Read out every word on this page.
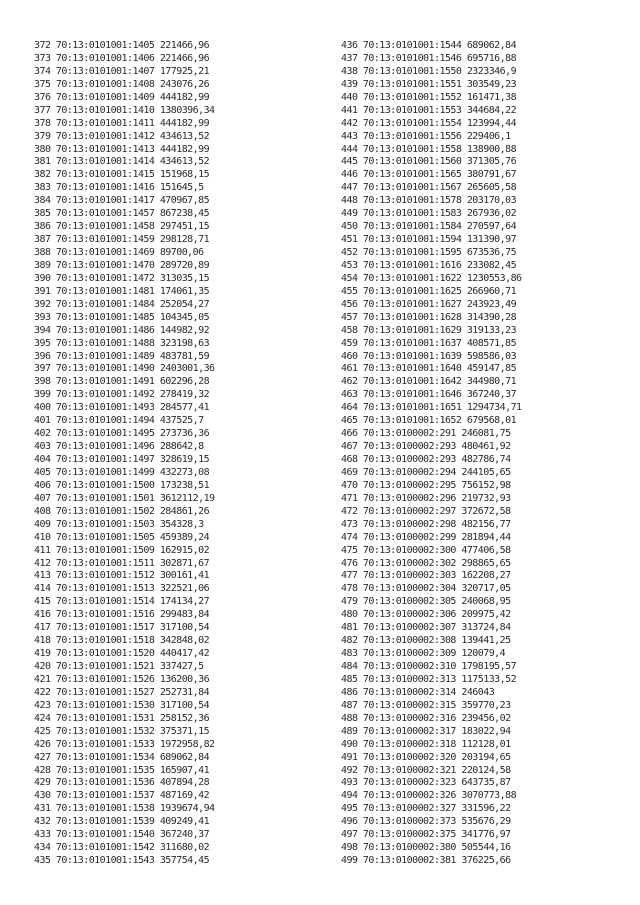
372 70:13:0101001:1405 221466,96
373 70:13:0101001:1406 221466,96
374 70:13:0101001:1407 177925,21
375 70:13:0101001:1408 243076,26
376 70:13:0101001:1409 444182,99
377 70:13:0101001:1410 1380396,34
378 70:13:0101001:1411 444182,99
379 70:13:0101001:1412 434613,52
380 70:13:0101001:1413 444182,99
381 70:13:0101001:1414 434613,52
382 70:13:0101001:1415 151968,15
383 70:13:0101001:1416 151645,5
384 70:13:0101001:1417 470967,85
385 70:13:0101001:1457 867238,45
386 70:13:0101001:1458 297451,15
387 70:13:0101001:1459 298128,71
388 70:13:0101001:1469 89700,06
389 70:13:0101001:1470 289720,89
390 70:13:0101001:1472 313035,15
391 70:13:0101001:1481 174061,35
392 70:13:0101001:1484 252054,27
393 70:13:0101001:1485 104345,05
394 70:13:0101001:1486 144982,92
395 70:13:0101001:1488 323198,63
396 70:13:0101001:1489 483781,59
397 70:13:0101001:1490 2403001,36
398 70:13:0101001:1491 602296,28
399 70:13:0101001:1492 278419,32
400 70:13:0101001:1493 284577,41
401 70:13:0101001:1494 437525,7
402 70:13:0101001:1495 273736,36
403 70:13:0101001:1496 288642,8
404 70:13:0101001:1497 328619,15
405 70:13:0101001:1499 432273,08
406 70:13:0101001:1500 173238,51
407 70:13:0101001:1501 3612112,19
408 70:13:0101001:1502 284861,26
409 70:13:0101001:1503 354328,3
410 70:13:0101001:1505 459389,24
411 70:13:0101001:1509 162915,02
412 70:13:0101001:1511 302871,67
413 70:13:0101001:1512 300161,41
414 70:13:0101001:1513 322521,06
415 70:13:0101001:1514 174134,27
416 70:13:0101001:1516 299483,84
417 70:13:0101001:1517 317100,54
418 70:13:0101001:1518 342848,02
419 70:13:0101001:1520 440417,42
420 70:13:0101001:1521 337427,5
421 70:13:0101001:1526 136200,36
422 70:13:0101001:1527 252731,84
423 70:13:0101001:1530 317100,54
424 70:13:0101001:1531 258152,36
425 70:13:0101001:1532 375371,15
426 70:13:0101001:1533 1972958,82
427 70:13:0101001:1534 689062,84
428 70:13:0101001:1535 165907,41
429 70:13:0101001:1536 407894,28
430 70:13:0101001:1537 487169,42
431 70:13:0101001:1538 1939674,94
432 70:13:0101001:1539 409249,41
433 70:13:0101001:1540 367240,37
434 70:13:0101001:1542 311680,02
435 70:13:0101001:1543 357754,45
436 70:13:0101001:1544 689062,84
437 70:13:0101001:1546 695716,88
438 70:13:0101001:1550 2323346,9
439 70:13:0101001:1551 303549,23
440 70:13:0101001:1552 161471,38
441 70:13:0101001:1553 344684,22
442 70:13:0101001:1554 123994,44
443 70:13:0101001:1556 229406,1
444 70:13:0101001:1558 138900,88
445 70:13:0101001:1560 371305,76
446 70:13:0101001:1565 380791,67
447 70:13:0101001:1567 265605,58
448 70:13:0101001:1578 203170,03
449 70:13:0101001:1583 267936,02
450 70:13:0101001:1584 270597,64
451 70:13:0101001:1594 131390,97
452 70:13:0101001:1595 673536,75
453 70:13:0101001:1616 233082,45
454 70:13:0101001:1622 1230553,86
455 70:13:0101001:1625 266960,71
456 70:13:0101001:1627 243923,49
457 70:13:0101001:1628 314390,28
458 70:13:0101001:1629 319133,23
459 70:13:0101001:1637 408571,85
460 70:13:0101001:1639 598586,03
461 70:13:0101001:1640 459147,85
462 70:13:0101001:1642 344980,71
463 70:13:0101001:1646 367240,37
464 70:13:0101001:1651 1294734,71
465 70:13:0101001:1652 679568,01
466 70:13:0100002:291 246081,75
467 70:13:0100002:293 480461,92
468 70:13:0100002:293 482786,74
469 70:13:0100002:294 244105,65
470 70:13:0100002:295 756152,98
471 70:13:0100002:296 219732,93
472 70:13:0100002:297 372672,58
473 70:13:0100002:298 482156,77
474 70:13:0100002:299 281894,44
475 70:13:0100002:300 477406,58
476 70:13:0100002:302 298865,65
477 70:13:0100002:303 162208,27
478 70:13:0100002:304 320717,05
479 70:13:0100002:305 240068,95
480 70:13:0100002:306 209975,42
481 70:13:0100002:307 313724,84
482 70:13:0100002:308 139441,25
483 70:13:0100002:309 120079,4
484 70:13:0100002:310 1798195,57
485 70:13:0100002:313 1175133,52
486 70:13:0100002:314 246043
487 70:13:0100002:315 359770,23
488 70:13:0100002:316 239456,02
489 70:13:0100002:317 183022,94
490 70:13:0100002:318 112128,01
491 70:13:0100002:320 203194,65
492 70:13:0100002:321 220124,58
493 70:13:0100002:323 643735,87
494 70:13:0100002:326 3070773,88
495 70:13:0100002:327 331596,22
496 70:13:0100002:373 535676,29
497 70:13:0100002:375 341776,97
498 70:13:0100002:380 505544,16
499 70:13:0100002:381 376225,66
